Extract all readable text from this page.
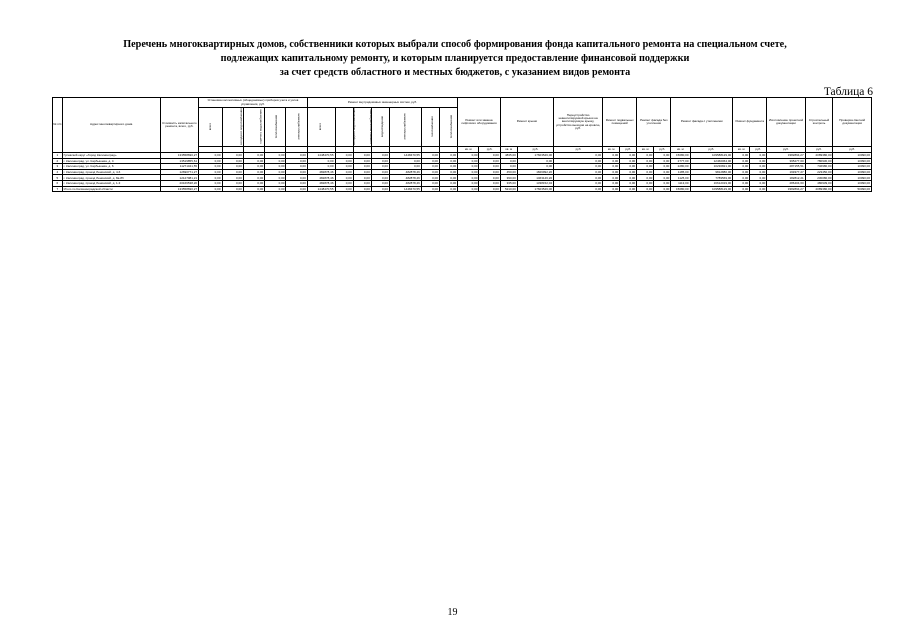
Перечень многоквартирных домов, собственники которых выбрали способ формирования фонда капитального ремонта на специальном счете,
подлежащих капитальному ремонту, и которым планируется предоставление финансовой поддержки
за счет средств областного и местных бюджетов, с указанием видов ремонта
Таблица 6
№ п/п	Адрес многоквартирного дома	Стоимость капитального ремонта, всего, руб.	Установка коллективных (общедомовых) приборов учета и узлов управления, руб.					Ремонт внутридомовых инженерных систем, руб.							Ремонт или замена лифтового оборудования		Ремонт крыши		Переустройство невентилируемой крыши на вентилируемую крышу, устройство выходов на кровлю, руб.	Ремонт подвальных помещений		Ремонт фасада без утепления		Ремонт фасада с утеплением		Ремонт фундамента		Изготовление проектной документации	Строительный контроль	Проверка сметной документации
			всего	холодного водоснабжения	горячего водоснабжения	теплоснабжения	электроснабжения	всего	холодного водоснабжения	горячего водоснабжения	водоотведения	электроснабжения	газоснабжения	теплоснабжения																
															кв. м	руб.	кв. м	руб.	руб	кв. м	руб.	кв. м	руб.	кв. м	руб.	кв. м	руб.	руб.	руб.	руб.
1	Гусевский округ «Город Калининград»	133558690,27	0,00	0,00	0,00	0,00	0,00	1448470,55	0,00	0,00	0,00	1448470,55	0,00	0,00	0,00	0,00	4835,00	17603546,00	0,00	0,00	0,00	0,00	0,00	15080,00	109588129,00	0,00	0,00	3382894,27	2089380,00	10090,00
2	г. Калининград, ул. Карбышева, д. 4	13519855,61	0,00	0,00	0,00	0,00	0,00	0,00	0,00	0,00	0,00	0,00	0,00	0,00	0,00	0,00	0,00	0,00	0,00	0,00	0,00	0,00	0,00	2777,00	12460064,00	0,00	0,00	395277,00	780930,00	10090,00
3	г. Калининград, ул. Карбышева, д. 6	11271041,55	0,00	0,00	0,00	0,00	0,00	0,00	0,00	0,00	0,00	0,00	0,00	0,00	0,00	0,00	0,00	0,00	0,00	0,00	0,00	0,00	0,00	2280,00	10230821,00	0,00	0,00	287155,51	746980,00	10090,00
4	г. Калининград, проезд Ленинский, д. 4-6	12690771,27	0,00	0,00	0,00	0,00	0,00	482878,46	0,00	0,00	0,00	482878,46	0,00	0,00	0,00	0,00	450,00	1826992,20	0,00	0,00	0,00	0,00	0,00	1185,00	9812880,00	0,00	0,00	199377,27	223450,00	10090,00
5	г. Калининград, проезд Ленинский, д. 8а-8б	12127081,21	0,00	0,00	0,00	0,00	0,00	482878,46	0,00	0,00	0,00	482878,46	0,00	0,00	0,00	0,00	390,00	1463146,20	0,00	0,00	0,00	0,00	0,00	1125,00	7789569,00	0,00	0,00	182812,21	230080,00	10090,00
6	г. Калининград, проезд Ленинский, д. 1-3	20166538,20	0,00	0,00	0,00	0,00	0,00	482878,46	0,00	0,00	0,00	482878,46	0,00	0,00	0,00	0,00	335,00	1338152,04	0,00	0,00	0,00	0,00	0,00	1113,00	16612019,00	0,00	0,00	286404,60	480939,00	10090,00
7	Итого по Калининградской области	133558690,27	0,00	0,00	0,00	0,00	0,00	1448470,55	0,00	0,00	0,00	1448470,55	0,00	0,00	0,00	0,00	5210,00	17603546,00	0,00	0,00	0,00	0,00	0,00	15080,00	109588129,00	0,00	0,00	3382894,27	2089380,00	50090,00
19
